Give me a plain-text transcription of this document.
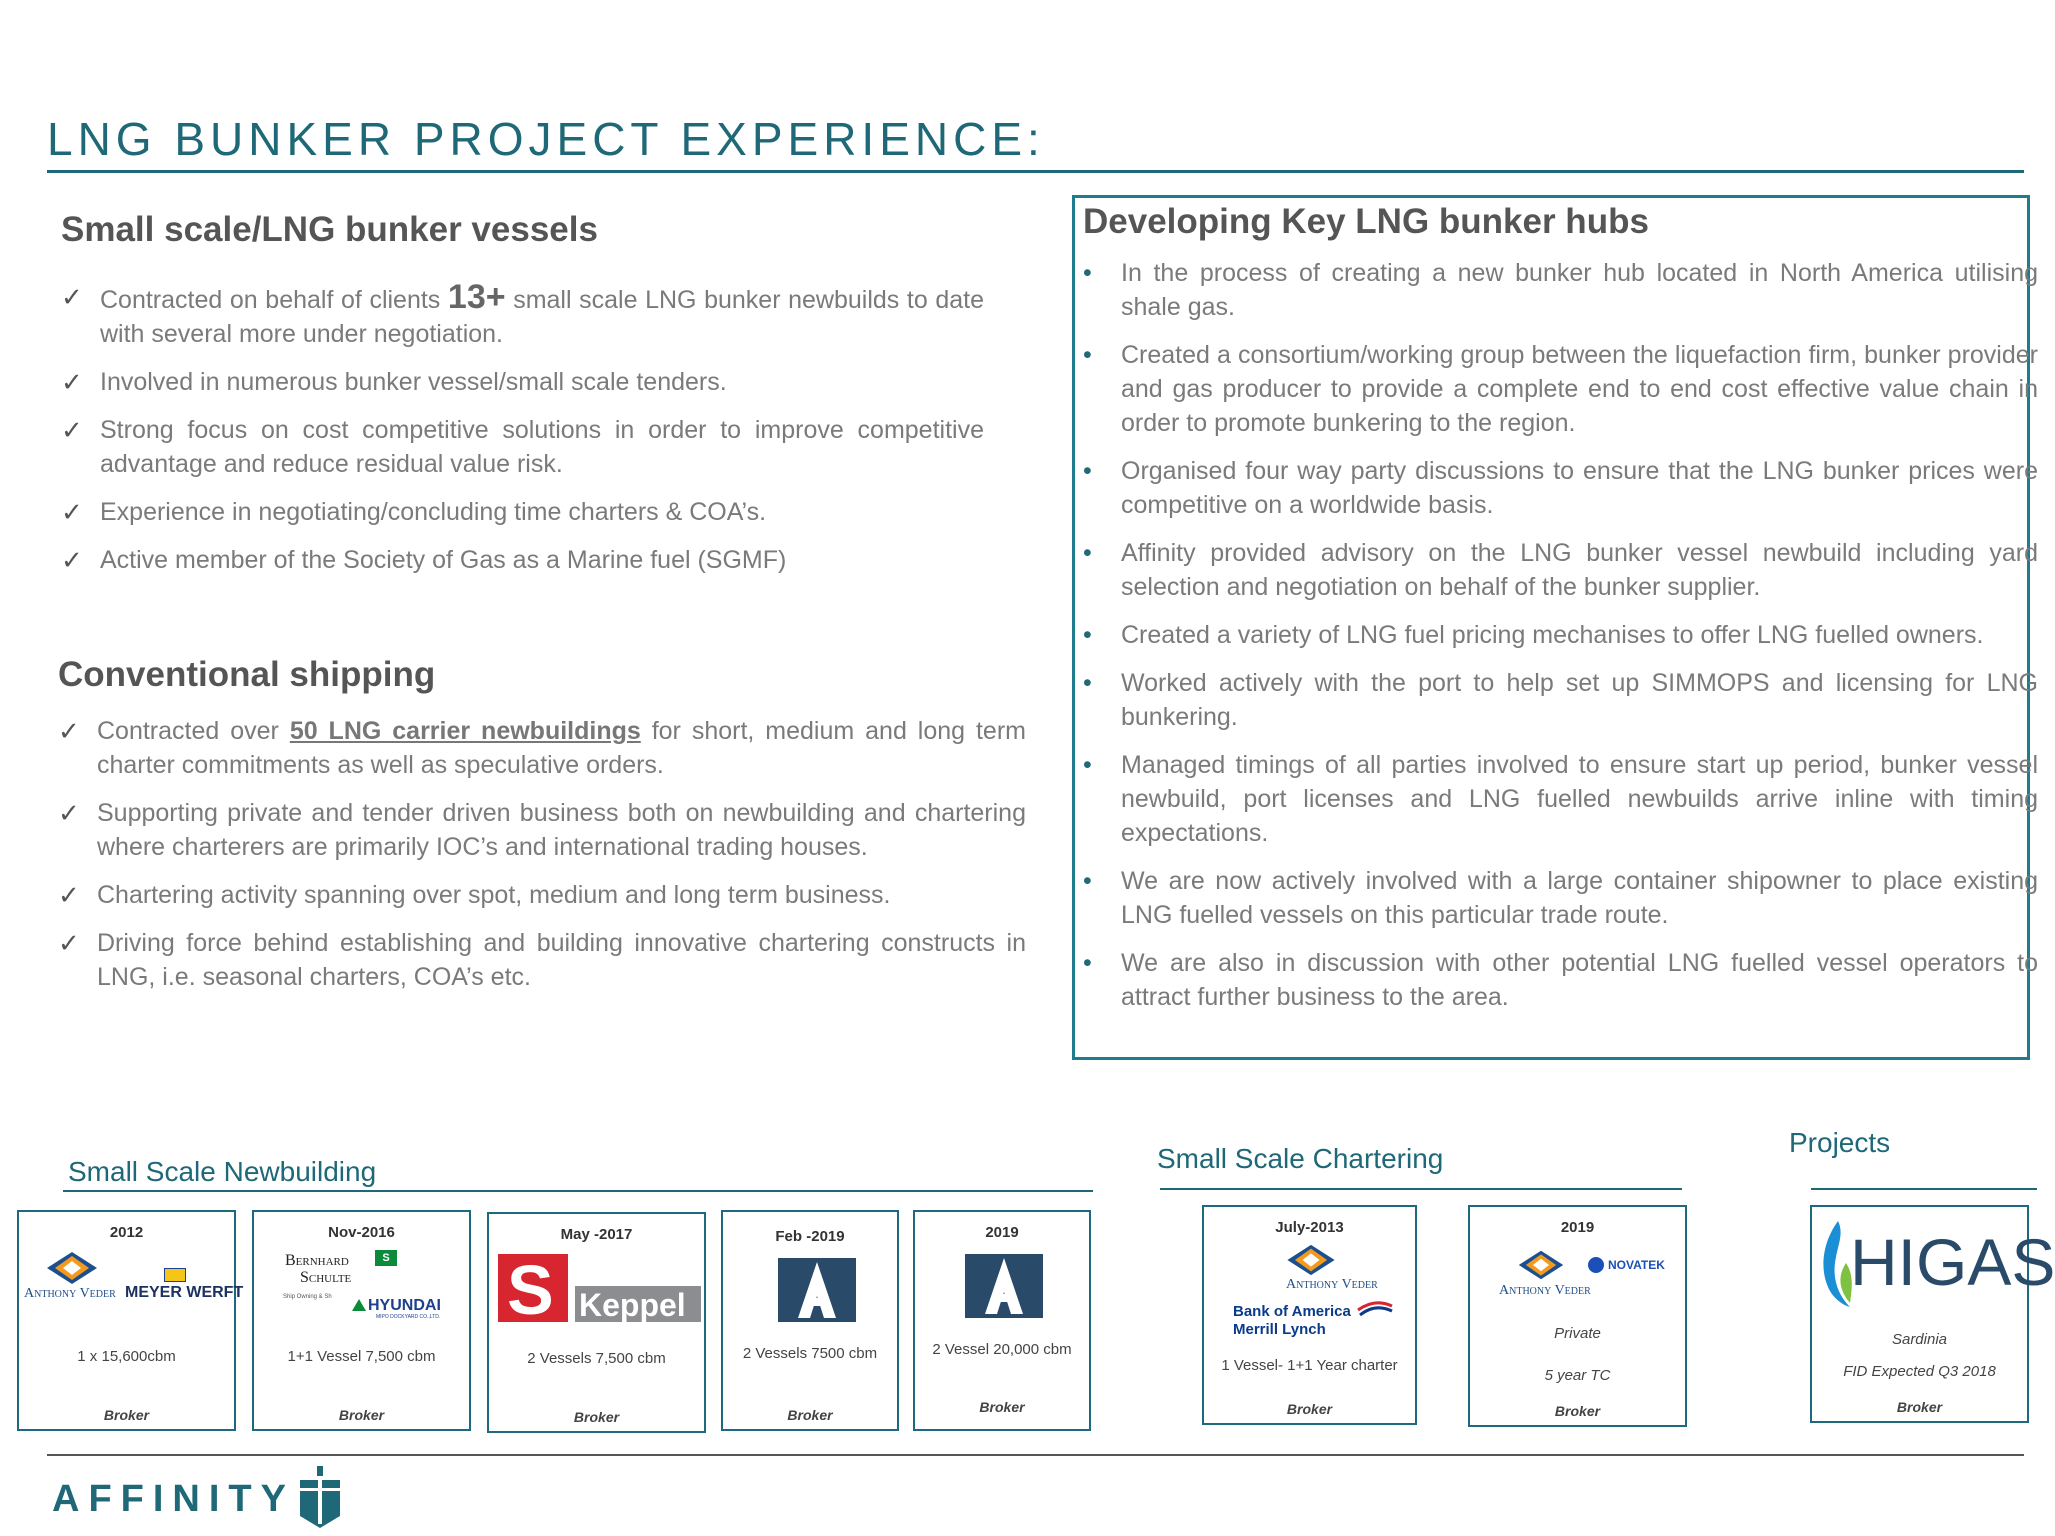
LNG BUNKER PROJECT EXPERIENCE:
Small scale/LNG bunker vessels
✓ Contracted on behalf of clients 13+ small scale LNG bunker newbuilds to date with several more under negotiation.
✓ Involved in numerous bunker vessel/small scale tenders.
✓ Strong focus on cost competitive solutions in order to improve competitive advantage and reduce residual value risk.
✓ Experience in negotiating/concluding time charters & COA’s.
✓ Active member of the Society of Gas as a Marine fuel (SGMF)
Conventional shipping
✓ Contracted over 50 LNG carrier newbuildings for short, medium and long term charter commitments as well as speculative orders.
✓ Supporting private and tender driven business both on newbuilding and chartering where charterers are primarily IOC’s and international trading houses.
✓ Chartering activity spanning over spot, medium and long term business.
✓ Driving force behind establishing and building innovative chartering constructs in LNG, i.e. seasonal charters, COA’s etc.
Developing Key LNG bunker hubs
• In the process of creating a new bunker hub located in North America utilising shale gas.
• Created a consortium/working group between the liquefaction firm, bunker provider and gas producer to provide a complete end to end cost effective value chain in order to promote bunkering to the region.
• Organised four way party discussions to ensure that the LNG bunker prices were competitive on a worldwide basis.
• Affinity provided advisory on the LNG bunker vessel newbuild including yard selection and negotiation on behalf of the bunker supplier.
• Created a variety of LNG fuel pricing mechanises to offer LNG fuelled owners.
• Worked actively with the port to help set up SIMMOPS and licensing for LNG bunkering.
• Managed timings of all parties involved to ensure start up period, bunker vessel newbuild, port licenses and LNG fuelled newbuilds arrive inline with timing expectations.
• We are now actively involved with a large container shipowner to place existing LNG fuelled vessels on this particular trade route.
• We are also in discussion with other potential LNG fuelled vessel operators to attract further business to the area.
Small Scale Newbuilding	Small Scale Chartering
Projects
2012
Anthony Veder MEYER WERFT
1 x 15,600cbm
Broker
Nov-2016
Bernhard
Schulte
S
Ship Owning & Sh HYUNDAI
MIPO DOCKYARD CO.,LTD.
1+1 Vessel 7,500 cbm
Broker
May -2017
S Keppel
2 Vessels 7,500 cbm
Broker
Feb -2019
2 Vessels 7500 cbm
Broker
2019
2 Vessel 20,000 cbm
Broker
July-2013
Anthony Veder
Bank of America
Merrill Lynch
1 Vessel- 1+1 Year charter
Broker
2019
Anthony Veder
NOVATEK
Private
5 year TC
Broker
HIGAS
Sardinia
FID Expected Q3 2018
Broker
AFFINITY
